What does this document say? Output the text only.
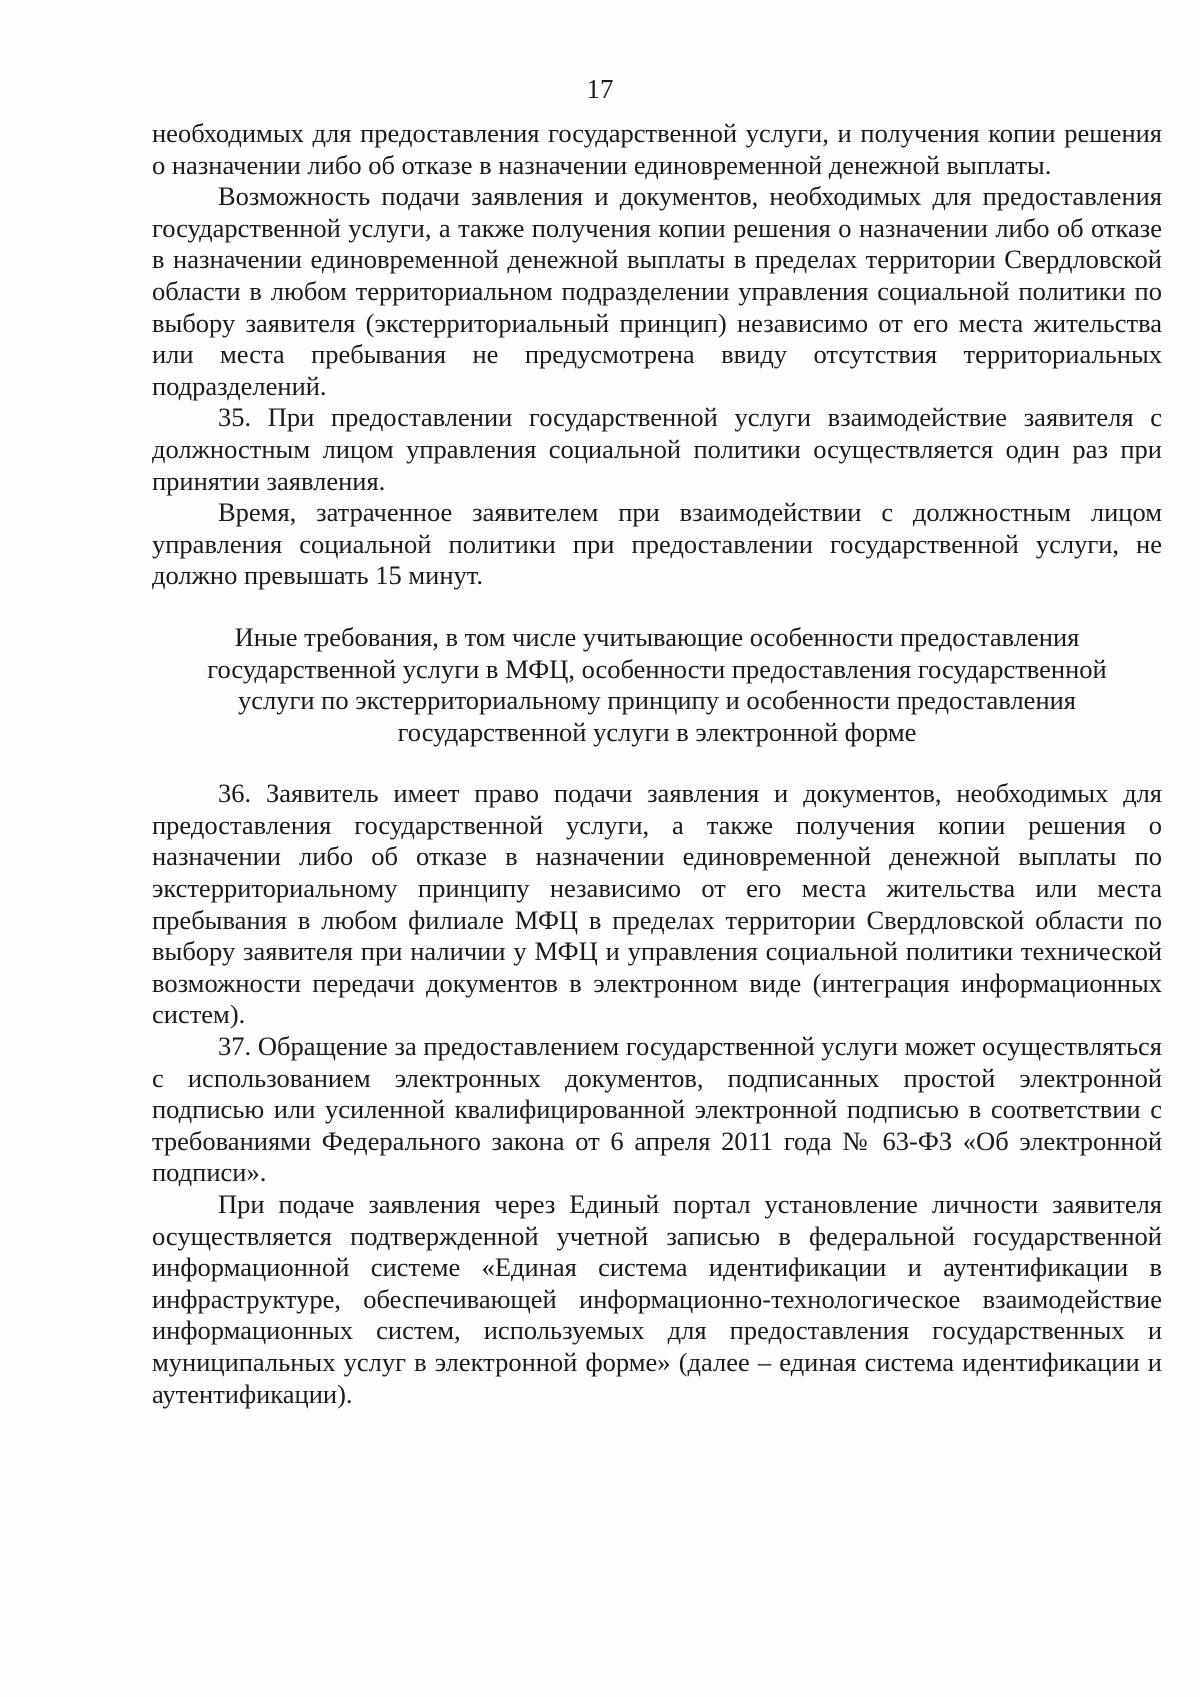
17

необходимых для предоставления государственной услуги, и получения копии решения о назначении либо об отказе в назначении единовременной денежной выплаты.

Возможность подачи заявления и документов, необходимых для предоставления государственной услуги, а также получения копии решения о назначении либо об отказе в назначении единовременной денежной выплаты в пределах территории Свердловской области в любом территориальном подразделении управления социальной политики по выбору заявителя (экстерриториальный принцип) независимо от его места жительства или места пребывания не предусмотрена ввиду отсутствия территориальных подразделений.

35. При предоставлении государственной услуги взаимодействие заявителя с должностным лицом управления социальной политики осуществляется один раз при принятии заявления.

Время, затраченное заявителем при взаимодействии с должностным лицом управления социальной политики при предоставлении государственной услуги, не должно превышать 15 минут.

Иные требования, в том числе учитывающие особенности предоставления
государственной услуги в МФЦ, особенности предоставления государственной
услуги по экстерриториальному принципу и особенности предоставления
государственной услуги в электронной форме

36. Заявитель имеет право подачи заявления и документов, необходимых для предоставления государственной услуги, а также получения копии решения о назначении либо об отказе в назначении единовременной денежной выплаты по экстерриториальному принципу независимо от его места жительства или места пребывания в любом филиале МФЦ в пределах территории Свердловской области по выбору заявителя при наличии у МФЦ и управления социальной политики технической возможности передачи документов в электронном виде (интеграция информационных систем).

37. Обращение за предоставлением государственной услуги может осуществляться с использованием электронных документов, подписанных простой электронной подписью или усиленной квалифицированной электронной подписью в соответствии с требованиями Федерального закона от 6 апреля 2011 года № 63-ФЗ «Об электронной подписи».

При подаче заявления через Единый портал установление личности заявителя осуществляется подтвержденной учетной записью в федеральной государственной информационной системе «Единая система идентификации и аутентификации в инфраструктуре, обеспечивающей информационно-технологическое взаимодействие информационных систем, используемых для предоставления государственных и муниципальных услуг в электронной форме» (далее – единая система идентификации и аутентификации).
